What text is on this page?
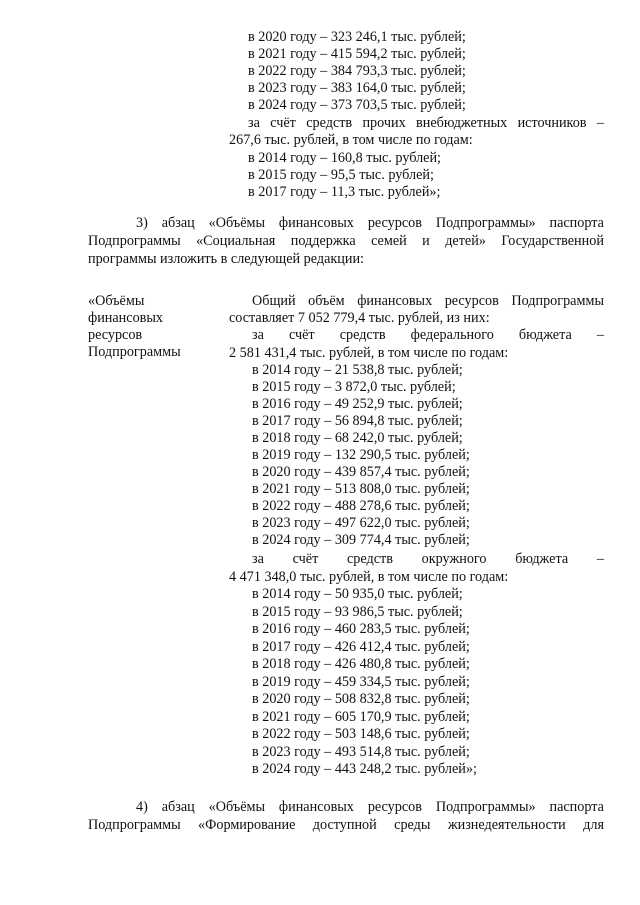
в 2020 году – 323 246,1 тыс. рублей;
в 2021 году – 415 594,2 тыс. рублей;
в 2022 году – 384 793,3 тыс. рублей;
в 2023 году – 383 164,0 тыс. рублей;
в 2024 году – 373 703,5 тыс. рублей;
за счёт средств прочих внебюджетных источников –
267,6 тыс. рублей, в том числе по годам:
в 2014 году – 160,8 тыс. рублей;
в 2015 году – 95,5 тыс. рублей;
в 2017 году – 11,3 тыс. рублей»;
3) абзац «Объёмы финансовых ресурсов Подпрограммы» паспорта
Подпрограммы «Социальная поддержка семей и детей» Государственной
программы изложить в следующей редакции:
«Объёмы
финансовых
ресурсов
Подпрограммы
Общий объём финансовых ресурсов Подпрограммы
составляет 7 052 779,4 тыс. рублей, из них:
за счёт средств федерального бюджета –
2 581 431,4 тыс. рублей, в том числе по годам:
в 2014 году – 21 538,8 тыс. рублей;
в 2015 году – 3 872,0 тыс. рублей;
в 2016 году – 49 252,9 тыс. рублей;
в 2017 году – 56 894,8 тыс. рублей;
в 2018 году – 68 242,0 тыс. рублей;
в 2019 году – 132 290,5 тыс. рублей;
в 2020 году – 439 857,4 тыс. рублей;
в 2021 году – 513 808,0 тыс. рублей;
в 2022 году – 488 278,6 тыс. рублей;
в 2023 году – 497 622,0 тыс. рублей;
в 2024 году – 309 774,4 тыс. рублей;
за счёт средств окружного бюджета –
4 471 348,0 тыс. рублей, в том числе по годам:
в 2014 году – 50 935,0 тыс. рублей;
в 2015 году – 93 986,5 тыс. рублей;
в 2016 году – 460 283,5 тыс. рублей;
в 2017 году – 426 412,4 тыс. рублей;
в 2018 году – 426 480,8 тыс. рублей;
в 2019 году – 459 334,5 тыс. рублей;
в 2020 году – 508 832,8 тыс. рублей;
в 2021 году – 605 170,9 тыс. рублей;
в 2022 году – 503 148,6 тыс. рублей;
в 2023 году – 493 514,8 тыс. рублей;
в 2024 году – 443 248,2 тыс. рублей»;
4) абзац «Объёмы финансовых ресурсов Подпрограммы» паспорта
Подпрограммы «Формирование доступной среды жизнедеятельности для
